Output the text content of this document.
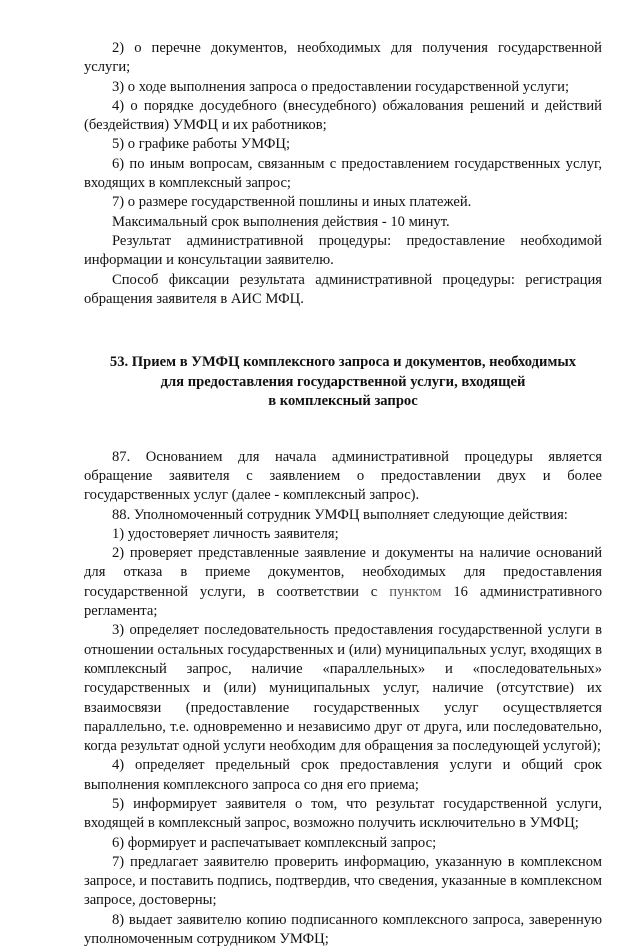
2) о перечне документов, необходимых для получения государственной услуги;

3) о ходе выполнения запроса о предоставлении государственной услуги;

4) о порядке досудебного (внесудебного) обжалования решений и действий (бездействия) УМФЦ и их работников;

5) о графике работы УМФЦ;

6) по иным вопросам, связанным с предоставлением государственных услуг, входящих в комплексный запрос;

7) о размере государственной пошлины и иных платежей.

Максимальный срок выполнения действия - 10 минут.

Результат административной процедуры: предоставление необходимой информации и консультации заявителю.

Способ фиксации результата административной процедуры: регистрация обращения заявителя в АИС МФЦ.

53. Прием в УМФЦ комплексного запроса и документов, необходимых
для предоставления государственной услуги, входящей
в комплексный запрос

87. Основанием для начала административной процедуры является обращение заявителя с заявлением о предоставлении двух и более государственных услуг (далее - комплексный запрос).

88. Уполномоченный сотрудник УМФЦ выполняет следующие действия:

1) удостоверяет личность заявителя;

2) проверяет представленные заявление и документы на наличие оснований для отказа в приеме документов, необходимых для предоставления государственной услуги, в соответствии с пунктом 16 административного регламента;

3) определяет последовательность предоставления государственной услуги в отношении остальных государственных и (или) муниципальных услуг, входящих в комплексный запрос, наличие «параллельных» и «последовательных» государственных и (или) муниципальных услуг, наличие (отсутствие) их взаимосвязи (предоставление государственных услуг осуществляется параллельно, т.е. одновременно и независимо друг от друга, или последовательно, когда результат одной услуги необходим для обращения за последующей услугой);

4) определяет предельный срок предоставления услуги и общий срок выполнения комплексного запроса со дня его приема;

5) информирует заявителя о том, что результат государственной услуги, входящей в комплексный запрос, возможно получить исключительно в УМФЦ;

6) формирует и распечатывает комплексный запрос;

7) предлагает заявителю проверить информацию, указанную в комплексном запросе, и поставить подпись, подтвердив, что сведения, указанные в комплексном запросе, достоверны;

8) выдает заявителю копию подписанного комплексного запроса, заверенную уполномоченным сотрудником УМФЦ;
